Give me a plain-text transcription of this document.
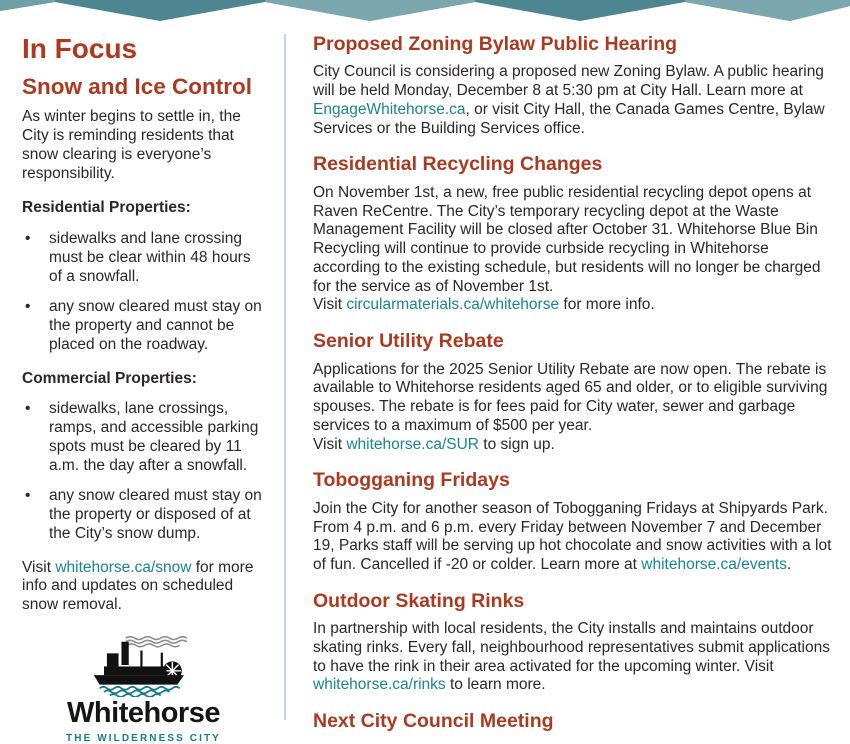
In Focus
Snow and Ice Control

As winter begins to settle in, the City is reminding residents that snow clearing is everyone’s responsibility.

Residential Properties:

• sidewalks and lane crossing must be clear within 48 hours of a snowfall.
• any snow cleared must stay on the property and cannot be placed on the roadway.

Commercial Properties:

• sidewalks, lane crossings, ramps, and accessible parking spots must be cleared by 11 a.m. the day after a snowfall.
• any snow cleared must stay on the property or disposed of at the City’s snow dump.

Visit whitehorse.ca/snow for more info and updates on scheduled snow removal.

Whitehorse
THE WILDERNESS CITY
Proposed Zoning Bylaw Public Hearing
City Council is considering a proposed new Zoning Bylaw. A public hearing will be held Monday, December 8 at 5:30 pm at City Hall. Learn more at EngageWhitehorse.ca, or visit City Hall, the Canada Games Centre, Bylaw Services or the Building Services office.
Residential Recycling Changes
On November 1st, a new, free public residential recycling depot opens at Raven ReCentre. The City’s temporary recycling depot at the Waste Management Facility will be closed after October 31. Whitehorse Blue Bin Recycling will continue to provide curbside recycling in Whitehorse according to the existing schedule, but residents will no longer be charged for the service as of November 1st.
Visit circularmaterials.ca/whitehorse for more info.
Senior Utility Rebate
Applications for the 2025 Senior Utility Rebate are now open. The rebate is available to Whitehorse residents aged 65 and older, or to eligible surviving spouses. The rebate is for fees paid for City water, sewer and garbage services to a maximum of $500 per year.
Visit whitehorse.ca/SUR to sign up.
Tobogganing Fridays
Join the City for another season of Tobogganing Fridays at Shipyards Park. From 4 p.m. and 6 p.m. every Friday between November 7 and December 19, Parks staff will be serving up hot chocolate and snow activities with a lot of fun. Cancelled if -20 or colder. Learn more at whitehorse.ca/events.
Outdoor Skating Rinks
In partnership with local residents, the City installs and maintains outdoor skating rinks. Every fall, neighbourhood representatives submit applications to have the rink in their area activated for the upcoming winter. Visit whitehorse.ca/rinks to learn more.
Next City Council Meeting
